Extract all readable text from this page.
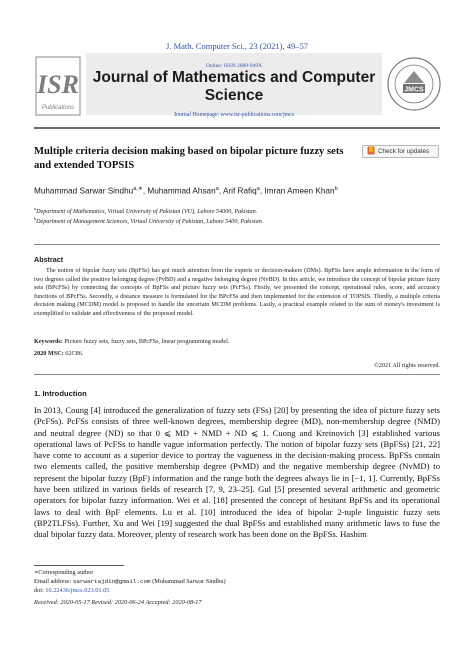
J. Math. Computer Sci., 23 (2021), 49–57
ISR
Publications
Online: ISSN 2008-949X
Journal of Mathematics and Computer Science
Journal Homepage: www.isr-publications.com/jmcs
JMCS
Multiple criteria decision making based on bipolar picture fuzzy sets and extended TOPSIS
Check for updates
Muhammad Sarwar Sindhu$^{a,∗}$, Muhammad Ahsan$^a$, Arif Rafiq$^a$, Imran Ameen Khan$^b$
$^a$Department of Mathematics, Virtual University of Pakistan (VU), Lahore 54000, Pakistan.
$^b$Department of Management Sciences, Virtual University of Pakistan, Lahore 5400, Pakistan.
Abstract
The notion of bipolar fuzzy sets (BpFSs) has got much attention from the experts or decision-makers (DMs). BpFSs have ample information in the form of two degrees called the positive belonging degree (PvBD) and a negative belonging degree (NvBD). In this article, we introduce the concept of bipolar picture fuzzy sets (BPcFSs) by connecting the concepts of BpFSs and picture fuzzy sets (PcFSs). Firstly, we presented the concept, operational rules, score, and accuracy functions of BPcFSs. Secondly, a distance measure is formulated for the BPcFSs and then implemented for the extension of TOPSIS. Thirdly, a multiple criteria decision making (MCDM) model is proposed to handle the uncertain MCDM problems. Lastly, a practical example related to the sum of money's investment is exemplified to validate and effectiveness of the proposed model.
Keywords: Picture fuzzy sets, fuzzy sets, BPcFSs, linear programming model.
2020 MSC: 62C86.
©2021 All rights reserved.
1. Introduction
In 2013, Coung [4] introduced the generalization of fuzzy sets (FSs) [20] by presenting the idea of picture fuzzy sets (PcFSs). PcFSs consists of three well-known degrees, membership degree (MD), non-membership degree (NMD) and neutral degree (ND) so that 0 ⩽ MD + NMD + ND ⩽ 1. Cuong and Kreinovich [3] established various operational laws of PcFSs to handle vague information perfectly. The notion of bipolar fuzzy sets (BpFSs) [21, 22] have come to account as a superior device to portray the vagueness in the decision-making process. BpFSs contain two elements called, the positive membership degree (PvMD) and the negative membership degree (NvMD) to represent the bipolar fuzzy (BpF) information and the range both the degrees always lie in [−1, 1]. Currently, BpFSs have been utilized in various fields of research [7, 9, 23–25]. Gul [5] presented several arithmetic and geometric operators for bipolar fuzzy information. Wei et al. [18] presented the concept of hesitant BpFSs and its operational laws to deal with BpF elements. Lu et al. [10] introduced the idea of bipolar 2-tuple linguistic fuzzy sets (BP2TLFSs). Further, Xu and Wei [19] suggested the dual BpFSs and established many arithmetic laws to fuse the dual bipolar fuzzy data. Moreover, plenty of research work has been done on the BpFSs. Hashim
∗Corresponding author
Email address: sarwartajdin@gmail.com (Muhammad Sarwar Sindhu)
doi: 10.22436/jmcs.023.01.05
Received: 2020-05-17 Revised: 2020-06-24 Accepted: 2020-08-17
